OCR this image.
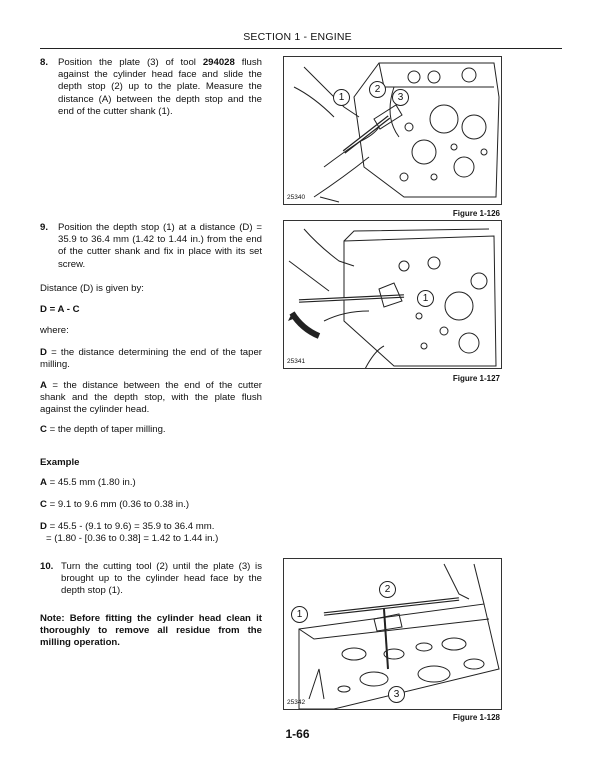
SECTION 1 - ENGINE
8. Position the plate (3) of tool 294028 flush against the cylinder head face and slide the depth stop (2) up to the plate. Measure the distance (A) between the depth stop and the end of the cutter shank (1).
9. Position the depth stop (1) at a distance (D) = 35.9 to 36.4 mm (1.42 to 1.44 in.) from the end of the cutter shank and fix in place with its set screw.
Distance (D) is given by:
D = A - C
where:
D = the distance determining the end of the taper milling.
A = the distance between the end of the cutter shank and the depth stop, with the plate flush against the cylinder head.
C = the depth of taper milling.
Example
A = 45.5 mm (1.80 in.)
C = 9.1 to 9.6 mm (0.36 to 0.38 in.)
D = 45.5 - (9.1 to 9.6) = 35.9 to 36.4 mm.
= (1.80 - [0.36 to 0.38] = 1.42 to 1.44 in.)
10. Turn the cutting tool (2) until the plate (3) is brought up to the cylinder head face by the depth stop (1).
Note: Before fitting the cylinder head clean it thoroughly to remove all residue from the milling operation.
25340
1
2
3
Figure 1-126
25341
1
Figure 1-127
25342
1
2
3
Figure 1-128
1-66
